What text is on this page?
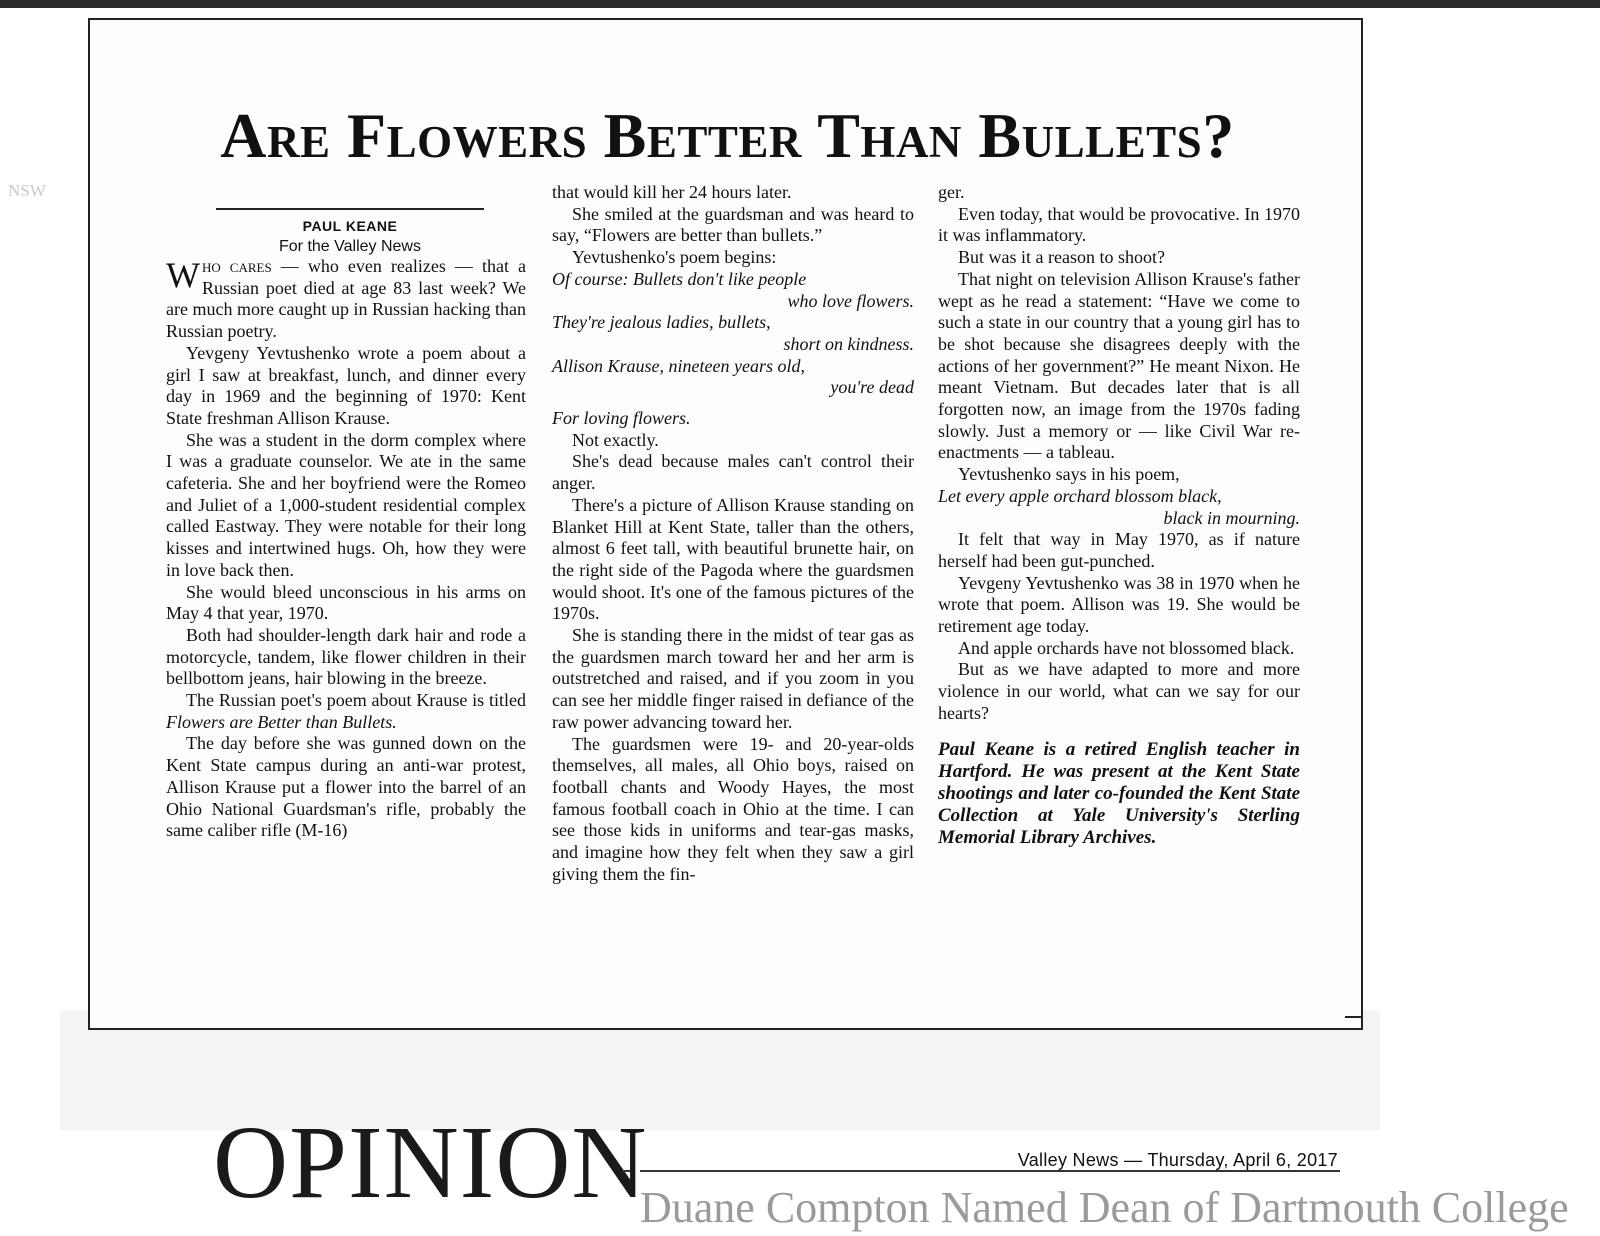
NSW
Are Flowers Better Than Bullets?
PAUL KEANE
For the Valley News

Who cares — who even realizes — that a Russian poet died at age 83 last week? We are much more caught up in Russian hacking than Russian poetry.

Yevgeny Yevtushenko wrote a poem about a girl I saw at breakfast, lunch, and dinner every day in 1969 and the beginning of 1970: Kent State freshman Allison Krause.

She was a student in the dorm complex where I was a graduate counselor. We ate in the same cafeteria. She and her boyfriend were the Romeo and Juliet of a 1,000-student residential complex called Eastway. They were notable for their long kisses and intertwined hugs. Oh, how they were in love back then.

She would bleed unconscious in his arms on May 4 that year, 1970.

Both had shoulder-length dark hair and rode a motorcycle, tandem, like flower children in their bellbottom jeans, hair blowing in the breeze.

The Russian poet's poem about Krause is titled Flowers are Better than Bullets.

The day before she was gunned down on the Kent State campus during an anti-war protest, Allison Krause put a flower into the barrel of an Ohio National Guardsman's rifle, probably the same caliber rifle (M-16)

that would kill her 24 hours later.

She smiled at the guardsman and was heard to say, “Flowers are better than bullets.”

Yevtushenko's poem begins:

Of course: Bullets don't like people

who love flowers.

They're jealous ladies, bullets,

short on kindness.

Allison Krause, nineteen years old,

you're dead

For loving flowers.

Not exactly.

She's dead because males can't control their anger.

There's a picture of Allison Krause standing on Blanket Hill at Kent State, taller than the others, almost 6 feet tall, with beautiful brunette hair, on the right side of the Pagoda where the guardsmen would shoot. It's one of the famous pictures of the 1970s.

She is standing there in the midst of tear gas as the guardsmen march toward her and her arm is outstretched and raised, and if you zoom in you can see her middle finger raised in defiance of the raw power advancing toward her.

The guardsmen were 19- and 20-year-olds themselves, all males, all Ohio boys, raised on football chants and Woody Hayes, the most famous football coach in Ohio at the time. I can see those kids in uniforms and tear-gas masks, and imagine how they felt when they saw a girl giving them the fin-

ger.

Even today, that would be provocative. In 1970 it was inflammatory.

But was it a reason to shoot?

That night on television Allison Krause's father wept as he read a statement: “Have we come to such a state in our country that a young girl has to be shot because she disagrees deeply with the actions of her government?” He meant Nixon. He meant Vietnam. But decades later that is all forgotten now, an image from the 1970s fading slowly. Just a memory or — like Civil War re-enactments — a tableau.

Yevtushenko says in his poem,

Let every apple orchard blossom black,

black in mourning.

It felt that way in May 1970, as if nature herself had been gut-punched.

Yevgeny Yevtushenko was 38 in 1970 when he wrote that poem. Allison was 19. She would be retirement age today.

And apple orchards have not blossomed black.

But as we have adapted to more and more violence in our world, what can we say for our hearts?

Paul Keane is a retired English teacher in Hartford. He was present at the Kent State shootings and later co-founded the Kent State Collection at Yale University's Sterling Memorial Library Archives.

OPINION	Valley News — Thursday, April 6, 2017
Duane Compton Named Dean of Dartmouth College
